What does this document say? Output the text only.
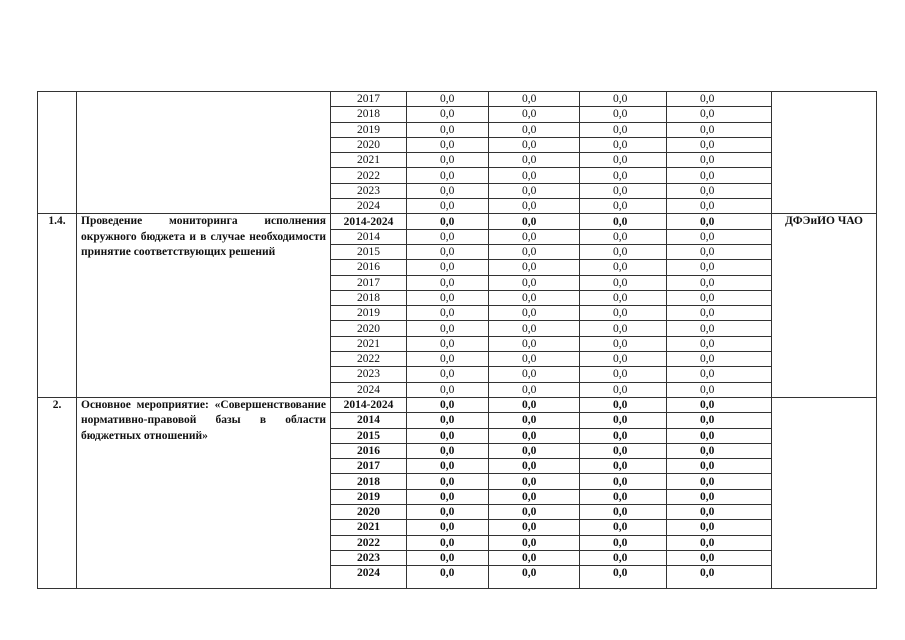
		2017	0,0	0,0	0,0	0,0	
		2018	0,0	0,0	0,0	0,0	
		2019	0,0	0,0	0,0	0,0	
		2020	0,0	0,0	0,0	0,0	
		2021	0,0	0,0	0,0	0,0	
		2022	0,0	0,0	0,0	0,0	
		2023	0,0	0,0	0,0	0,0	
		2024	0,0	0,0	0,0	0,0	
1.4.	Проведение мониторинга исполнения окружного бюджета и в случае необходимости принятие соответствующих решений	2014-2024	0,0	0,0	0,0	0,0	ДФЭиИО ЧАО
		2014	0,0	0,0	0,0	0,0	
		2015	0,0	0,0	0,0	0,0	
		2016	0,0	0,0	0,0	0,0	
		2017	0,0	0,0	0,0	0,0	
		2018	0,0	0,0	0,0	0,0	
		2019	0,0	0,0	0,0	0,0	
		2020	0,0	0,0	0,0	0,0	
		2021	0,0	0,0	0,0	0,0	
		2022	0,0	0,0	0,0	0,0	
		2023	0,0	0,0	0,0	0,0	
		2024	0,0	0,0	0,0	0,0	
2.	Основное мероприятие: «Совершенствование нормативно-правовой базы в области бюджетных отношений»	2014-2024	0,0	0,0	0,0	0,0	
		2014	0,0	0,0	0,0	0,0	
		2015	0,0	0,0	0,0	0,0	
		2016	0,0	0,0	0,0	0,0	
		2017	0,0	0,0	0,0	0,0	
		2018	0,0	0,0	0,0	0,0	
		2019	0,0	0,0	0,0	0,0	
		2020	0,0	0,0	0,0	0,0	
		2021	0,0	0,0	0,0	0,0	
		2022	0,0	0,0	0,0	0,0	
		2023	0,0	0,0	0,0	0,0	
		2024	0,0	0,0	0,0	0,0	
